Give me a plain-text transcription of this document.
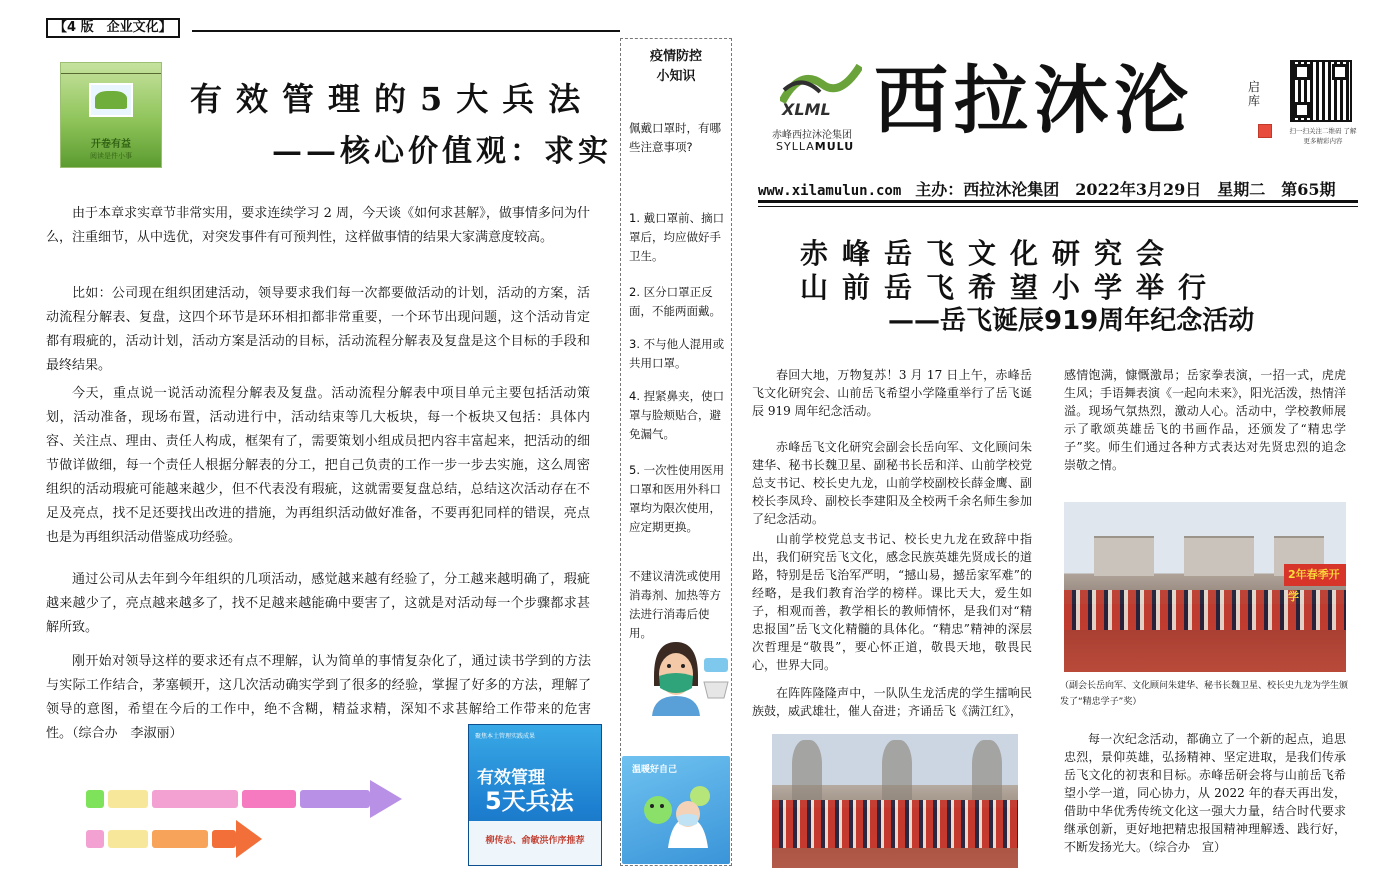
【4 版　企业文化】
开卷有益
阅读是件小事
有效管理的5大兵法
——核心价值观：求实

由于本章求实章节非常实用，要求连续学习 2 周，今天谈《如何求甚解》，做事情多问为什么，注重细节，从中选优，对突发事件有可预判性，这样做事情的结果大家满意度较高。

比如：公司现在组织团建活动，领导要求我们每一次都要做活动的计划，活动的方案，活动流程分解表、复盘，这四个环节是环环相扣都非常重要，一个环节出现问题，这个活动肯定都有瑕疵的，活动计划，活动方案是活动的目标，活动流程分解表及复盘是这个目标的手段和最终结果。

今天，重点说一说活动流程分解表及复盘。活动流程分解表中项目单元主要包括活动策划，活动准备，现场布置，活动进行中，活动结束等几大板块，每一个板块又包括：具体内容、关注点、理由、责任人构成，框架有了，需要策划小组成员把内容丰富起来，把活动的细节做详做细，每一个责任人根据分解表的分工，把自己负责的工作一步一步去实施，这么周密组织的活动瑕疵可能越来越少，但不代表没有瑕疵，这就需要复盘总结，总结这次活动存在不足及亮点，找不足还要找出改进的措施，为再组织活动做好准备，不要再犯同样的错误，亮点也是为再组织活动借鉴成功经验。

通过公司从去年到今年组织的几项活动，感觉越来越有经验了，分工越来越明确了，瑕疵越来越少了，亮点越来越多了，找不足越来越能确中要害了，这就是对活动每一个步骤都求甚解所致。

刚开始对领导这样的要求还有点不理解，认为简单的事情复杂化了，通过读书学到的方法与实际工作结合，茅塞顿开，这几次活动确实学到了很多的经验，掌握了好多的方法，理解了领导的意图，希望在今后的工作中，绝不含糊，精益求精，深知不求甚解给工作带来的危害性。（综合办　李淑丽）	聚焦本土管理实践成果
有效管理
5天兵法
柳传志、俞敏洪作序推荐
疫情防控
小知识
佩戴口罩时，有哪些注意事项?
1. 戴口罩前、摘口罩后，均应做好手卫生。
2. 区分口罩正反面，不能两面戴。
3. 不与他人混用或共用口罩。
4. 捏紧鼻夹，使口罩与脸颊贴合，避免漏气。
5. 一次性使用医用口罩和医用外科口罩均为限次使用，应定期更换。
不建议清洗或使用消毒剂、加热等方法进行消毒后使用。
温暖好自己
XLML
赤峰西拉沐沦集团
SYLLAMULU
西拉沐沦	启库
扫一扫关注二维码 了解更多精彩内容
www.xilamulun.com 主办：西拉沐沦集团　2022年3月29日　星期二　第65期
赤峰岳飞文化研究会
山前岳飞希望小学举行
——岳飞诞辰919周年纪念活动

春回大地，万物复苏！3 月 17 日上午，赤峰岳飞文化研究会、山前岳飞希望小学隆重举行了岳飞诞辰 919 周年纪念活动。

赤峰岳飞文化研究会副会长岳向军、文化顾问朱建华、秘书长魏卫星、副秘书长岳和洋、山前学校党总支书记、校长史九龙，山前学校副校长薛金鹰、副校长李凤玲、副校长李建阳及全校两千余名师生参加了纪念活动。

山前学校党总支书记、校长史九龙在致辞中指出，我们研究岳飞文化，感念民族英雄先贤成长的道路，特别是岳飞治军严明，“撼山易，撼岳家军难”的经略，是我们教育治学的榜样。课比天大，爱生如子，相观而善，教学相长的教师情怀，是我们对“精忠报国”岳飞文化精髓的具体化。“精忠”精神的深层次哲理是“敬畏”，要心怀正道，敬畏天地，敬畏民心，世界大同。

在阵阵隆隆声中，一队队生龙活虎的学生擂响民族鼓，威武雄壮，催人奋进；齐诵岳飞《满江红》，

感情饱满，慷慨激昂；岳家拳表演，一招一式，虎虎生风；手语舞表演《一起向未来》，阳光活泼，热情洋溢。现场气氛热烈，激动人心。活动中，学校教师展示了歌颂英雄岳飞的书画作品，还颁发了“精忠学子”奖。师生们通过各种方式表达对先贤忠烈的追念崇敬之情。

2年春季开学
（副会长岳向军、文化顾问朱建华、秘书长魏卫星、校长史九龙为学生颁发了“精忠学子”奖）

每一次纪念活动，都确立了一个新的起点，追思忠烈，景仰英雄，弘扬精神、坚定进取，是我们传承岳飞文化的初衷和目标。赤峰岳研会将与山前岳飞希望小学一道，同心协力，从 2022 年的春天再出发，借助中华优秀传统文化这一强大力量，结合时代要求继承创新，更好地把精忠报国精神理解透、践行好，不断发扬光大。（综合办　宣）
